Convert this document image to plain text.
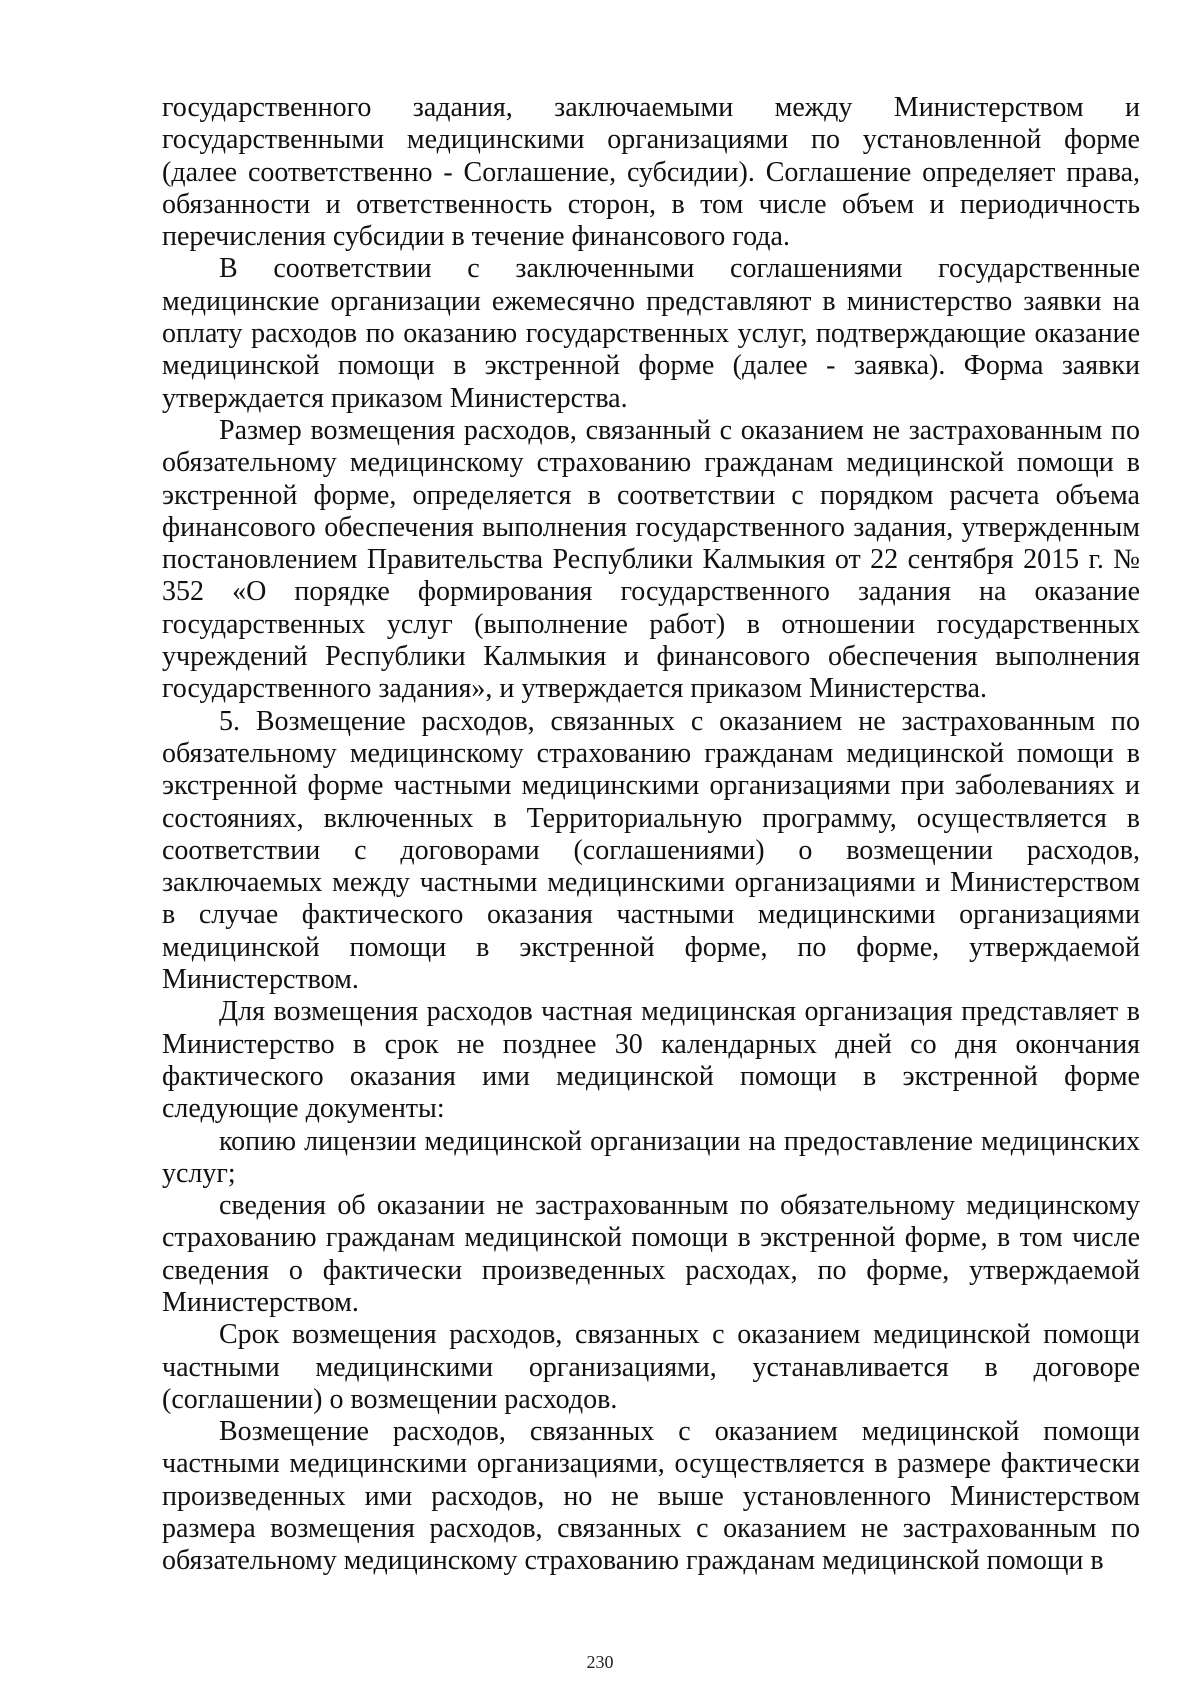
государственного задания, заключаемыми между Министерством и государственными медицинскими организациями по установленной форме (далее соответственно - Соглашение, субсидии). Соглашение определяет права, обязанности и ответственность сторон, в том числе объем и периодичность перечисления субсидии в течение финансового года.

В соответствии с заключенными соглашениями государственные медицинские организации ежемесячно представляют в министерство заявки на оплату расходов по оказанию государственных услуг, подтверждающие оказание медицинской помощи в экстренной форме (далее - заявка). Форма заявки утверждается приказом Министерства.

Размер возмещения расходов, связанный с оказанием не застрахованным по обязательному медицинскому страхованию гражданам медицинской помощи в экстренной форме, определяется в соответствии с порядком расчета объема финансового обеспечения выполнения государственного задания, утвержденным постановлением Правительства Республики Калмыкия от 22 сентября 2015 г. № 352 «О порядке формирования государственного задания на оказание государственных услуг (выполнение работ) в отношении государственных учреждений Республики Калмыкия и финансового обеспечения выполнения государственного задания», и утверждается приказом Министерства.

5. Возмещение расходов, связанных с оказанием не застрахованным по обязательному медицинскому страхованию гражданам медицинской помощи в экстренной форме частными медицинскими организациями при заболеваниях и состояниях, включенных в Территориальную программу, осуществляется в соответствии с договорами (соглашениями) о возмещении расходов, заключаемых между частными медицинскими организациями и Министерством в случае фактического оказания частными медицинскими организациями медицинской помощи в экстренной форме, по форме, утверждаемой Министерством.

Для возмещения расходов частная медицинская организация представляет в Министерство в срок не позднее 30 календарных дней со дня окончания фактического оказания ими медицинской помощи в экстренной форме следующие документы:

копию лицензии медицинской организации на предоставление медицинских услуг;

сведения об оказании не застрахованным по обязательному медицинскому страхованию гражданам медицинской помощи в экстренной форме, в том числе сведения о фактически произведенных расходах, по форме, утверждаемой Министерством.

Срок возмещения расходов, связанных с оказанием медицинской помощи частными медицинскими организациями, устанавливается в договоре (соглашении) о возмещении расходов.

Возмещение расходов, связанных с оказанием медицинской помощи частными медицинскими организациями, осуществляется в размере фактически произведенных ими расходов, но не выше установленного Министерством размера возмещения расходов, связанных с оказанием не застрахованным по обязательному медицинскому страхованию гражданам медицинской помощи в

230
